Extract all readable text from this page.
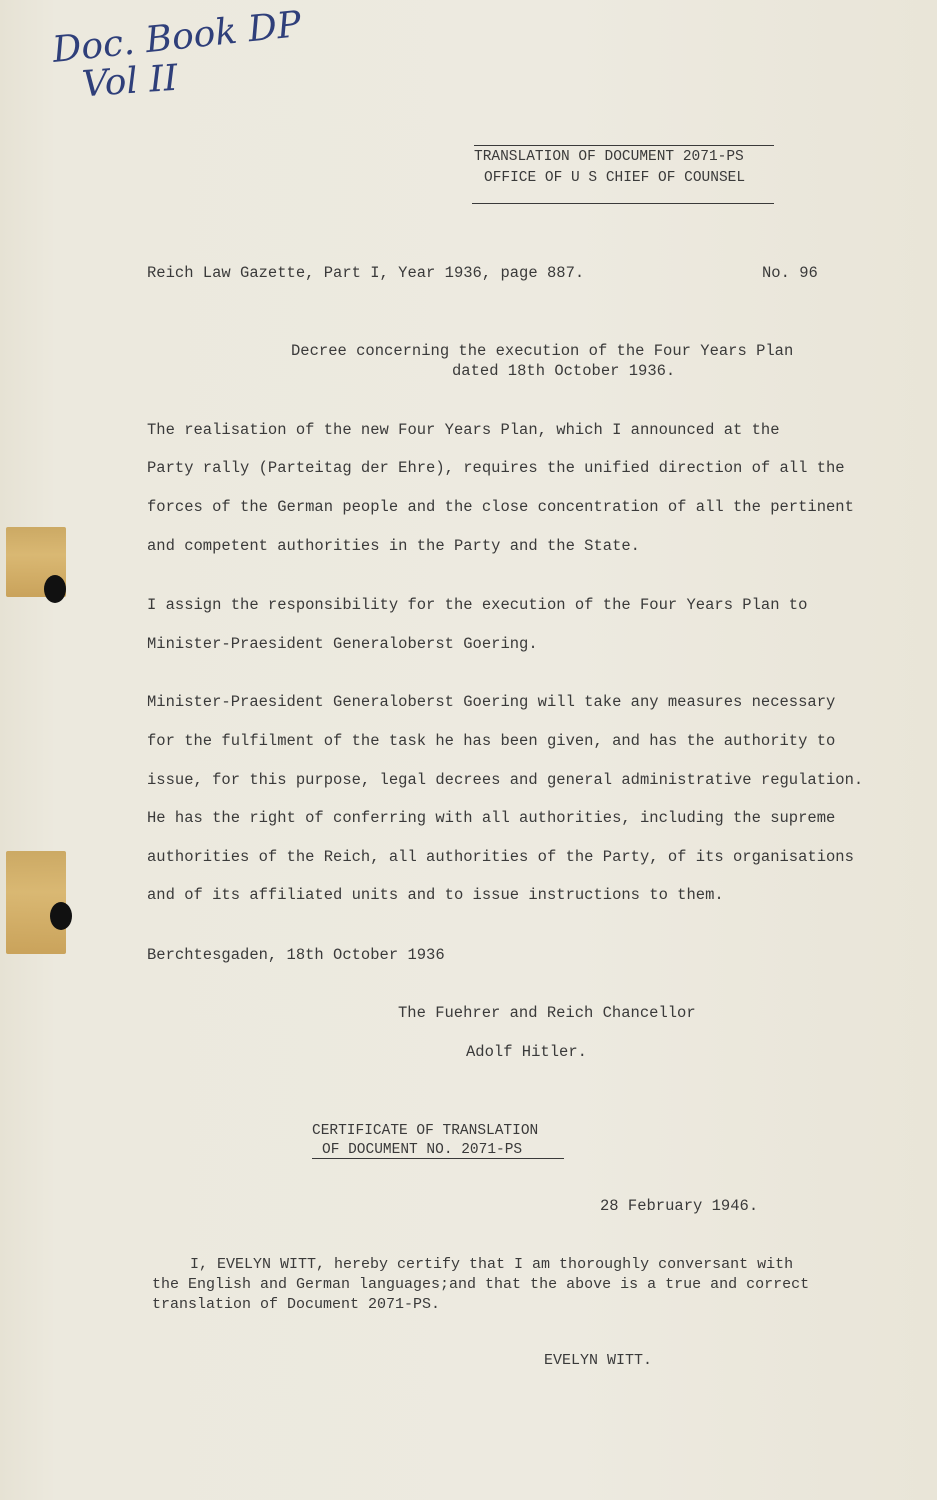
Doc. Book DP
Vol II
TRANSLATION OF DOCUMENT 2071-PS
OFFICE OF U S CHIEF OF COUNSEL
Reich Law Gazette, Part I, Year 1936, page 887.	No. 96
Decree concerning the execution of the Four Years Plan
dated 18th October 1936.
The realisation of the new Four Years Plan, which I announced at the
Party rally (Parteitag der Ehre), requires the unified direction of all the
forces of the German people and the close concentration of all the pertinent
and competent authorities in the Party and the State.
I assign the responsibility for the execution of the Four Years Plan to
Minister-Praesident Generaloberst Goering.
Minister-Praesident Generaloberst Goering will take any measures necessary
for the fulfilment of the task he has been given, and has the authority to
issue, for this purpose, legal decrees and general administrative regulation.
He has the right of conferring with all authorities, including the supreme
authorities of the Reich, all authorities of the Party, of its organisations
and of its affiliated units and to issue instructions to them.
Berchtesgaden, 18th October 1936
The Fuehrer and Reich Chancellor
Adolf Hitler.
CERTIFICATE OF TRANSLATION
OF DOCUMENT NO. 2071-PS
28 February 1946.
I, EVELYN WITT, hereby certify that I am thoroughly conversant with
the English and German languages;and that the above is a true and correct
translation of Document 2071-PS.
EVELYN WITT.
